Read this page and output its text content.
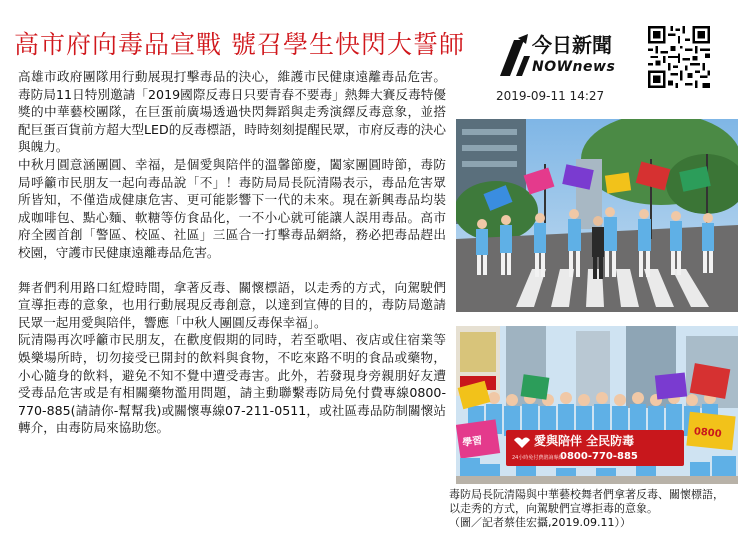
高市府向毒品宣戰 號召學生快閃大誓師	今日新聞
NOWnews
2019-09-11 14:27

高雄市政府團隊用行動展現打擊毒品的決心，維護市民健康遠離毒品危害。毒防局11日特別邀請「2019國際反毒日只要青春不要毒」熱舞大賽反毒特優獎的中華藝校團隊，在巨蛋前廣場透過快閃舞蹈與走秀演繹反毒意象，並搭配巨蛋百貨前方超大型LED的反毒標語，時時刻刻提醒民眾，市府反毒的決心與魄力。

中秋月圓意涵團圓、幸福，是個愛與陪伴的溫馨節慶，闔家團圓時節，毒防局呼籲市民朋友一起向毒品說「不」！毒防局局長阮清陽表示，毒品危害眾所皆知，不僅造成健康危害、更可能影響下一代的未來。現在新興毒品均裝成咖啡包、點心麵、軟糖等仿食品化，一不小心就可能讓人誤用毒品。高市府全國首創「警區、校區、社區」三區合一打擊毒品網絡，務必把毒品趕出校園，守護市民健康遠離毒品危害。

舞者們利用路口紅燈時間，拿著反毒、關懷標語，以走秀的方式，向駕駛們宣導拒毒的意象，也用行動展現反毒創意，以達到宣傳的目的，毒防局邀請民眾一起用愛與陪伴，響應「中秋人團圓反毒保幸福」。

阮清陽再次呼籲市民朋友，在歡度假期的同時，若至歌唱、夜店或住宿業等娛樂場所時，切勿接受已開封的飲料與食物，不吃來路不明的食品或藥物，小心隨身的飲料，避免不知不覺中遭受毒害。此外，若發現身旁親朋好友遭受毒品危害或是有相關藥物濫用問題，請主動聯繫毒防局免付費專線0800-770-885(請請你-幫幫我)或關懷專線07-211-0511，或社區毒品防制關懷站轉介，由毒防局來協助您。

學習
0800
愛與陪伴 全民防毒
0800-770-885
24小時免付費諮詢專線
毒防局長阮清陽與中華藝校舞者們拿著反毒、關懷標語，
以走秀的方式，向駕駛們宣導拒毒的意象。
（圖／記者蔡佳宏攝,2019.09.11））
